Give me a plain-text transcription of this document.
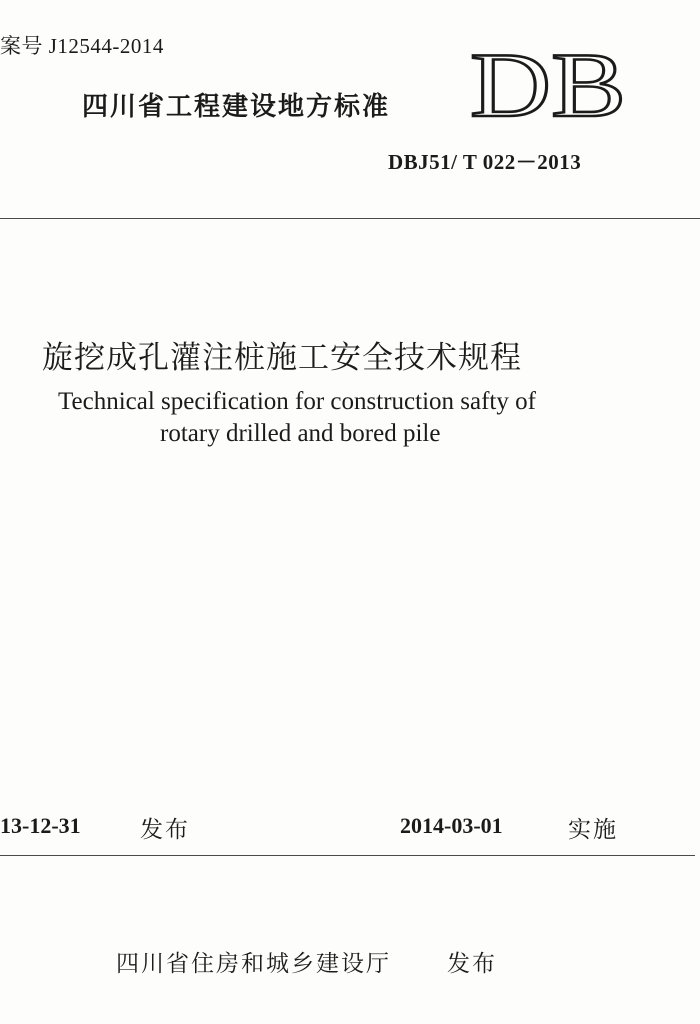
案号 J12544-2014
四川省工程建设地方标准 DB
DBJ51/ T 022－2013
旋挖成孔灌注桩施工安全技术规程
Technical specification for construction safty of
rotary drilled and bored pile
13-12-31	发布	2014-03-01	实施
四川省住房和城乡建设厅 发布
